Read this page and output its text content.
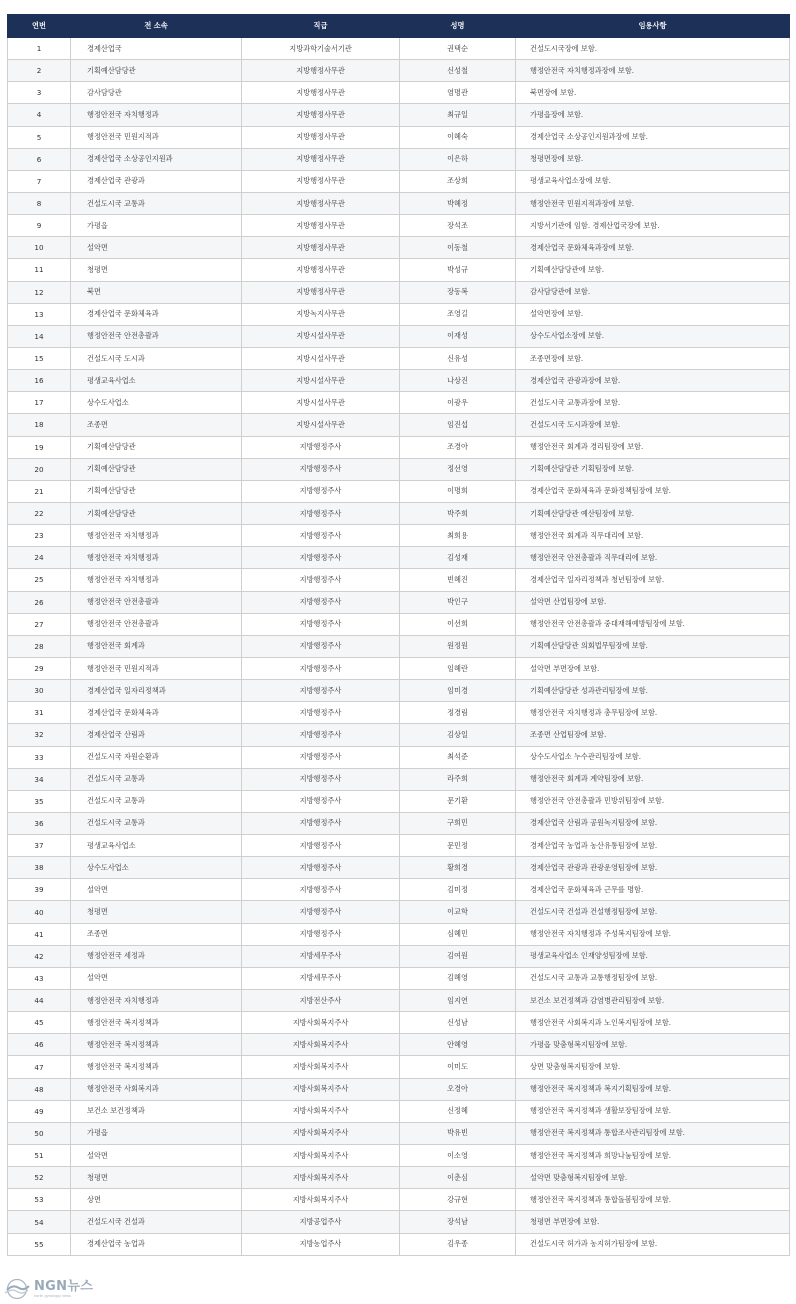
연번	전 소속	직급	성명	임용사항
1	경제산업국	지방과학기술서기관	권택순	건설도시국장에 보함.
2	기획예산담당관	지방행정사무관	신성철	행정안전국 자치행정과장에 보함.
3	감사담당관	지방행정사무관	염명관	북면장에 보함.
4	행정안전국 자치행정과	지방행정사무관	최규일	가평읍장에 보함.
5	행정안전국 민원지적과	지방행정사무관	이혜숙	경제산업국 소상공인지원과장에 보함.
6	경제산업국 소상공인지원과	지방행정사무관	이은하	청평면장에 보함.
7	경제산업국 관광과	지방행정사무관	조상희	평생교육사업소장에 보함.
8	건설도시국 교통과	지방행정사무관	박혜정	행정안전국 민원지적과장에 보함.
9	가평읍	지방행정사무관	장석조	지방서기관에 임함. 경제산업국장에 보함.
10	설악면	지방행정사무관	이동철	경제산업국 문화체육과장에 보함.
11	청평면	지방행정사무관	박성규	기획예산담당관에 보함.
12	북면	지방행정사무관	장동복	감사담당관에 보함.
13	경제산업국 문화체육과	지방녹지사무관	조영길	설악면장에 보함.
14	행정안전국 안전총괄과	지방시설사무관	이재성	상수도사업소장에 보함.
15	건설도시국 도시과	지방시설사무관	신유성	조종면장에 보함.
16	평생교육사업소	지방시설사무관	나상진	경제산업국 관광과장에 보함.
17	상수도사업소	지방시설사무관	이광우	건설도시국 교통과장에 보함.
18	조종면	지방시설사무관	임진섭	건설도시국 도시과장에 보함.
19	기획예산담당관	지방행정주사	조경아	행정안전국 회계과 경리팀장에 보함.
20	기획예산담당관	지방행정주사	정선영	기획예산담당관 기획팀장에 보함.
21	기획예산담당관	지방행정주사	이명희	경제산업국 문화체육과 문화정책팀장에 보함.
22	기획예산담당관	지방행정주사	박주희	기획예산담당관 예산팀장에 보함.
23	행정안전국 자치행정과	지방행정주사	최희용	행정안전국 회계과 직무대리에 보함.
24	행정안전국 자치행정과	지방행정주사	김성재	행정안전국 안전총괄과 직무대리에 보함.
25	행정안전국 자치행정과	지방행정주사	빈혜진	경제산업국 일자리정책과 청년팀장에 보함.
26	행정안전국 안전총괄과	지방행정주사	박인구	설악면 산업팀장에 보함.
27	행정안전국 안전총괄과	지방행정주사	이선희	행정안전국 안전총괄과 중대재해예방팀장에 보함.
28	행정안전국 회계과	지방행정주사	원정원	기획예산담당관 의회법무팀장에 보함.
29	행정안전국 민원지적과	지방행정주사	임혜란	설악면 부면장에 보함.
30	경제산업국 일자리정책과	지방행정주사	임미경	기획예산담당관 성과관리팀장에 보함.
31	경제산업국 문화체육과	지방행정주사	정경림	행정안전국 자치행정과 총무팀장에 보함.
32	경제산업국 산림과	지방행정주사	김상일	조종면 산업팀장에 보함.
33	건설도시국 자원순환과	지방행정주사	최석준	상수도사업소 누수관리팀장에 보함.
34	건설도시국 교통과	지방행정주사	라주희	행정안전국 회계과 계약팀장에 보함.
35	건설도시국 교통과	지방행정주사	문기환	행정안전국 안전총괄과 민방위팀장에 보함.
36	건설도시국 교통과	지방행정주사	구희민	경제산업국 산림과 공원녹지팀장에 보함.
37	평생교육사업소	지방행정주사	문민정	경제산업국 농업과 농산유통팀장에 보함.
38	상수도사업소	지방행정주사	황희경	경제산업국 관광과 관광운영팀장에 보함.
39	설악면	지방행정주사	김미정	경제산업국 문화체육과 근무를 명함.
40	청평면	지방행정주사	이교학	건설도시국 건설과 건설행정팀장에 보함.
41	조종면	지방행정주사	심혜민	행정안전국 자치행정과 주성복지팀장에 보함.
42	행정안전국 세정과	지방세무주사	김여원	평생교육사업소 인재양성팀장에 보함.
43	설악면	지방세무주사	김혜영	건설도시국 교통과 교통행정팀장에 보함.
44	행정안전국 자치행정과	지방전산주사	임지연	보건소 보건정책과 감염병관리팀장에 보함.
45	행정안전국 복지정책과	지방사회복지주사	신성남	행정안전국 사회복지과 노인복지팀장에 보함.
46	행정안전국 복지정책과	지방사회복지주사	안혜영	가평읍 맞춤형복지팀장에 보함.
47	행정안전국 복지정책과	지방사회복지주사	이미도	상면 맞춤형복지팀장에 보함.
48	행정안전국 사회복지과	지방사회복지주사	오경아	행정안전국 복지정책과 복지기획팀장에 보함.
49	보건소 보건정책과	지방사회복지주사	신정혜	행정안전국 복지정책과 생활보장팀장에 보함.
50	가평읍	지방사회복지주사	박유빈	행정안전국 복지정책과 통합조사관리팀장에 보함.
51	설악면	지방사회복지주사	이소영	행정안전국 복지정책과 희망나눔팀장에 보함.
52	청평면	지방사회복지주사	이춘심	설악면 맞춤형복지팀장에 보함.
53	상면	지방사회복지주사	강규현	행정안전국 복지정책과 통합돌봄팀장에 보함.
54	건설도시국 건설과	지방공업주사	장석남	청평면 부면장에 보함.
55	경제산업국 농업과	지방농업주사	김우종	건설도시국 허가과 농지허가팀장에 보함.
NGN뉴스
north gyeonggi news
